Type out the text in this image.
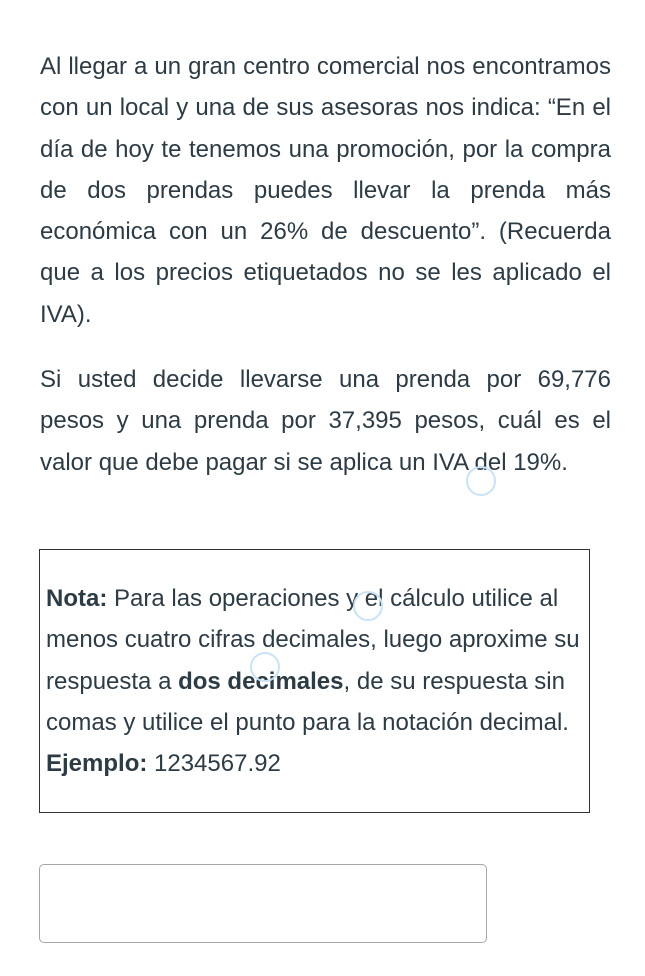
Al llegar a un gran centro comercial nos encontramos con un local y una de sus asesoras nos indica: “En el día de hoy te tenemos una promoción, por la compra de dos prendas puedes llevar la prenda más económica con un 26% de descuento”. (Recuerda que a los precios etiquetados no se les aplicado el IVA).

Si usted decide llevarse una prenda por 69,776 pesos y una prenda por 37,395 pesos, cuál es el valor que debe pagar si se aplica un IVA del 19%.

Nota: Para las operaciones y el cálculo utilice al menos cuatro cifras decimales, luego aproxime su respuesta a dos decimales, de su respuesta sin comas y utilice el punto para la notación decimal. Ejemplo: 1234567.92
